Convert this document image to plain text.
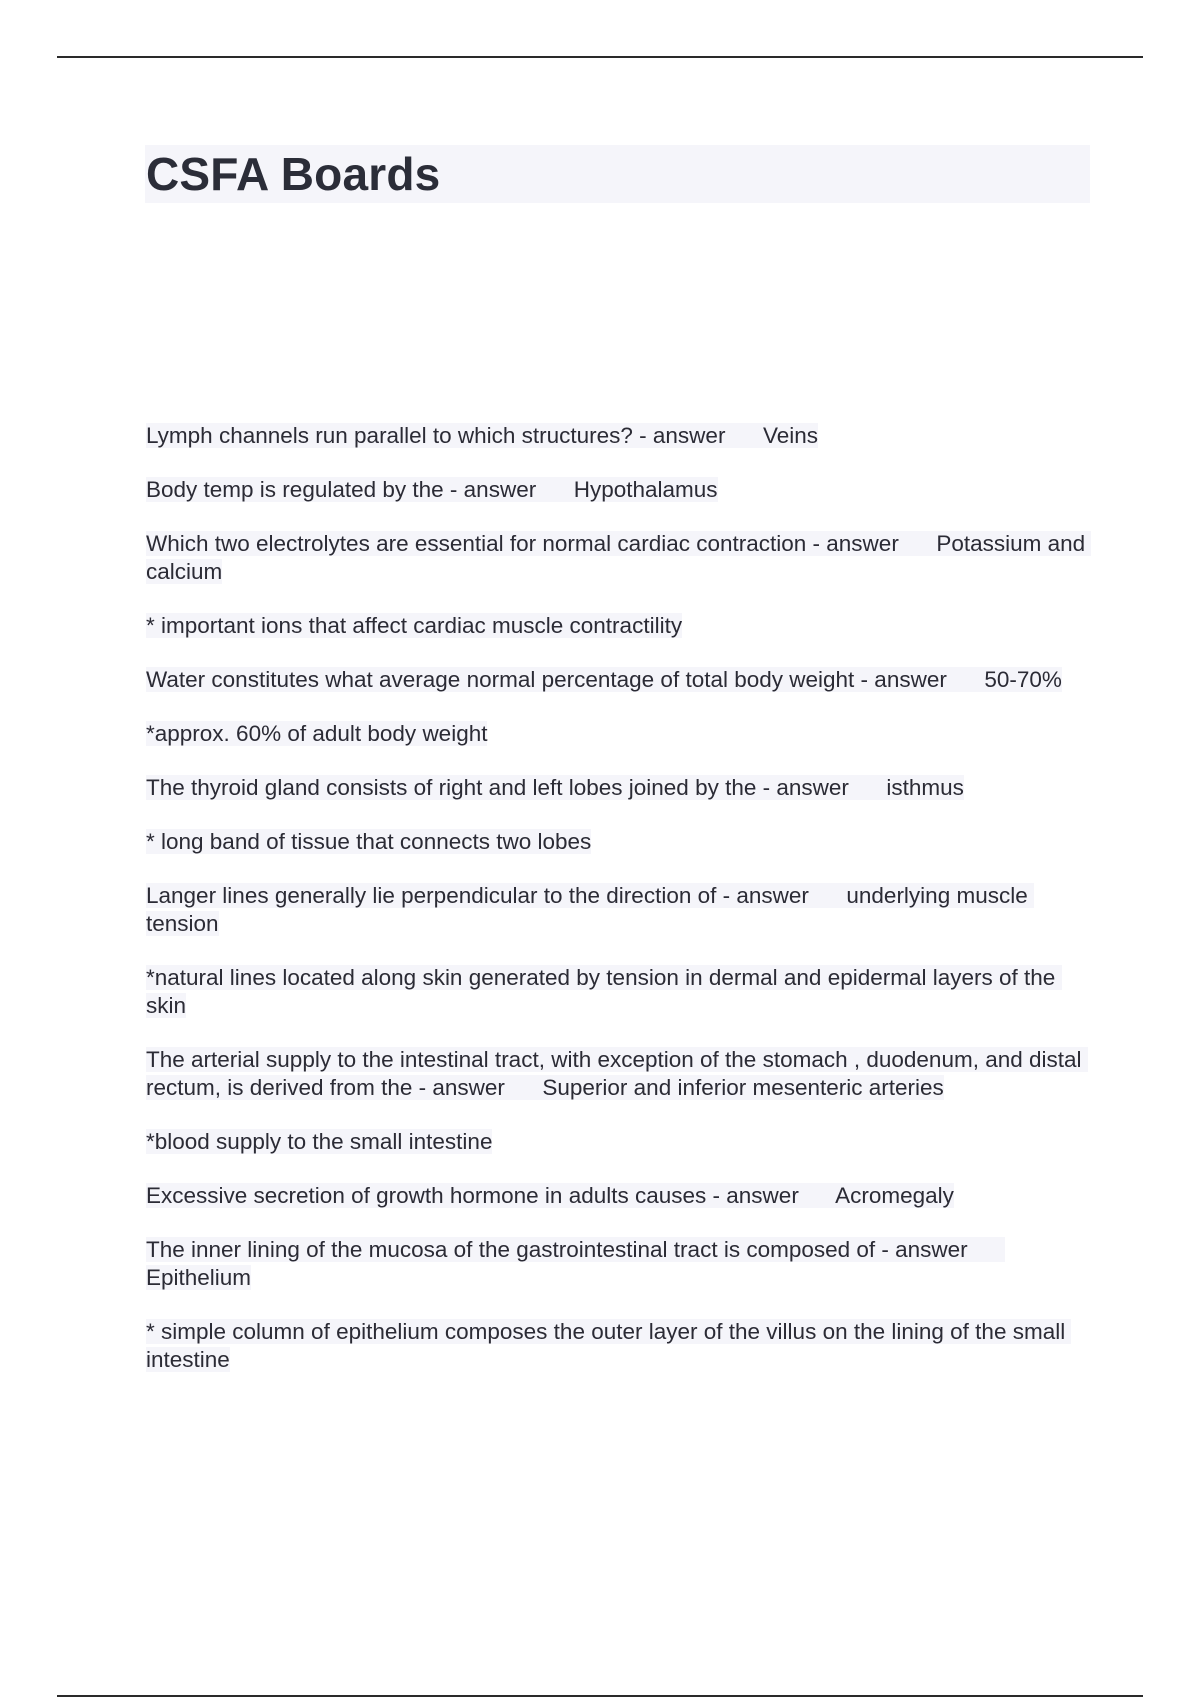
CSFA Boards

Lymph channels run parallel to which structures? - answer      Veins

Body temp is regulated by the - answer      Hypothalamus

Which two electrolytes are essential for normal cardiac contraction - answer      Potassium and calcium

* important ions that affect cardiac muscle contractility

Water constitutes what average normal percentage of total body weight - answer      50-70%

*approx. 60% of adult body weight

The thyroid gland consists of right and left lobes joined by the - answer      isthmus

* long band of tissue that connects two lobes

Langer lines generally lie perpendicular to the direction of - answer      underlying muscle tension

*natural lines located along skin generated by tension in dermal and epidermal layers of the skin

The arterial supply to the intestinal tract, with exception of the stomach , duodenum, and distal rectum, is derived from the - answer      Superior and inferior mesenteric arteries

*blood supply to the small intestine

Excessive secretion of growth hormone in adults causes - answer      Acromegaly

The inner lining of the mucosa of the gastrointestinal tract is composed of - answer      Epithelium

* simple column of epithelium composes the outer layer of the villus on the lining of the small intestine
